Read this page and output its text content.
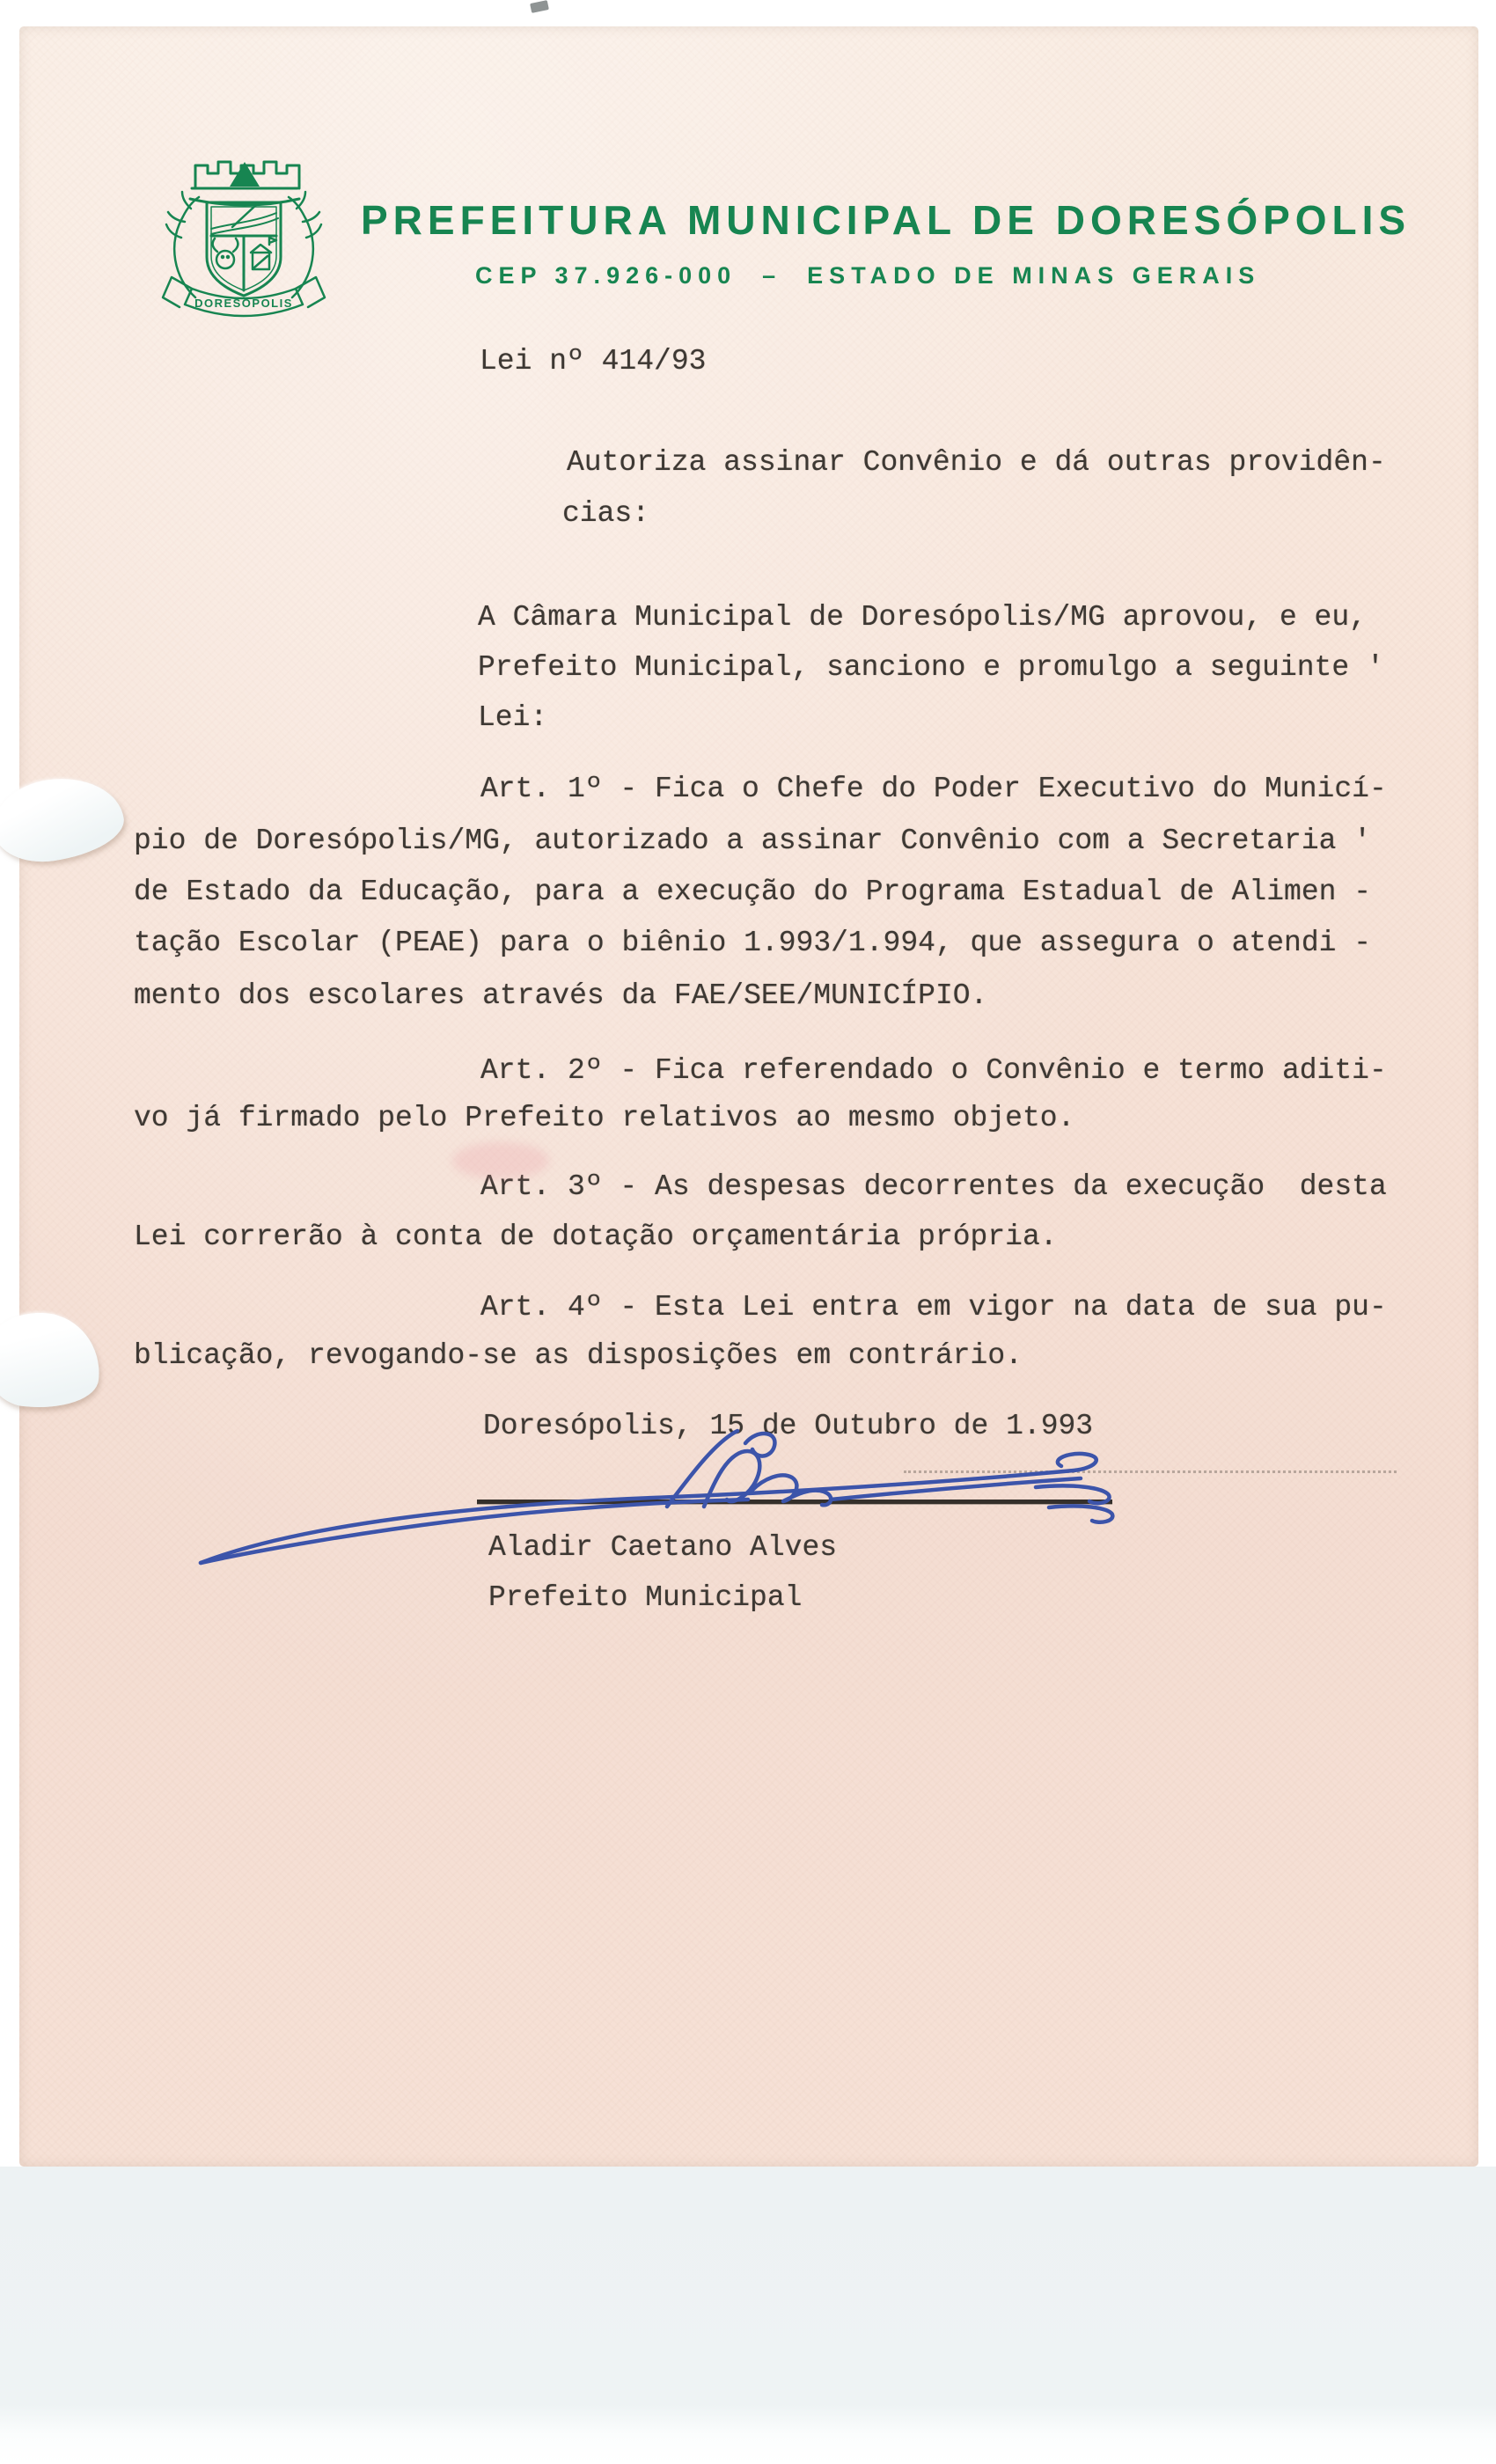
DORESOPOLIS
PREFEITURA MUNICIPAL DE DORESÓPOLIS
CEP 37.926-000  –  ESTADO DE MINAS GERAIS
Lei nº 414/93
Autoriza assinar Convênio e dá outras providên-
cias:
A Câmara Municipal de Doresópolis/MG aprovou, e eu,
Prefeito Municipal, sanciono e promulgo a seguinte '
Lei:
Art. 1º - Fica o Chefe do Poder Executivo do Municí-
pio de Doresópolis/MG, autorizado a assinar Convênio com a Secretaria '
de Estado da Educação, para a execução do Programa Estadual de Alimen -
tação Escolar (PEAE) para o biênio 1.993/1.994, que assegura o atendi -
mento dos escolares através da FAE/SEE/MUNICÍPIO.
Art. 2º - Fica referendado o Convênio e termo aditi-
vo já firmado pelo Prefeito relativos ao mesmo objeto.
Art. 3º - As despesas decorrentes da execução  desta
Lei correrão à conta de dotação orçamentária própria.
Art. 4º - Esta Lei entra em vigor na data de sua pu-
blicação, revogando-se as disposições em contrário.
Doresópolis, 15 de Outubro de 1.993
Aladir Caetano Alves
Prefeito Municipal
